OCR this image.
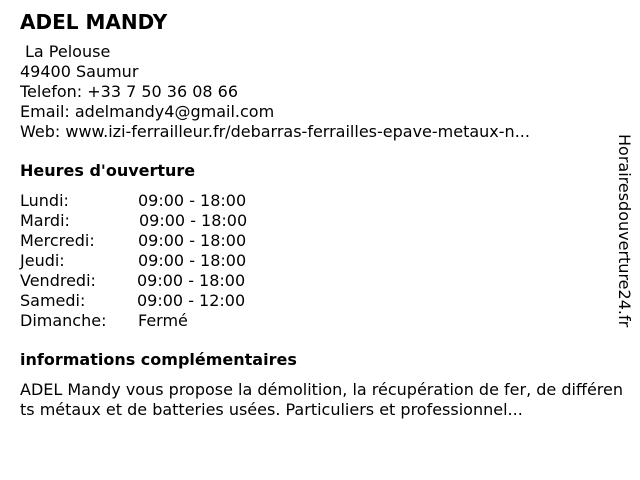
ADEL MANDY
La Pelouse
49400 Saumur
Telefon: +33 7 50 36 08 66
Email: adelmandy4@gmail.com
Web: www.izi-ferrailleur.fr/debarras-ferrailles-epave-metaux-n...
Heures d'ouverture
Lundi:	09:00 - 18:00
Mardi:	09:00 - 18:00
Mercredi:	09:00 - 18:00
Jeudi:	09:00 - 18:00
Vendredi:	09:00 - 18:00
Samedi:	09:00 - 12:00
Dimanche:	Fermé
informations complémentaires
ADEL Mandy vous propose la démolition, la récupération de fer, de différents métaux et de batteries usées. Particuliers et professionnel...
Horairesdouverture24.fr
